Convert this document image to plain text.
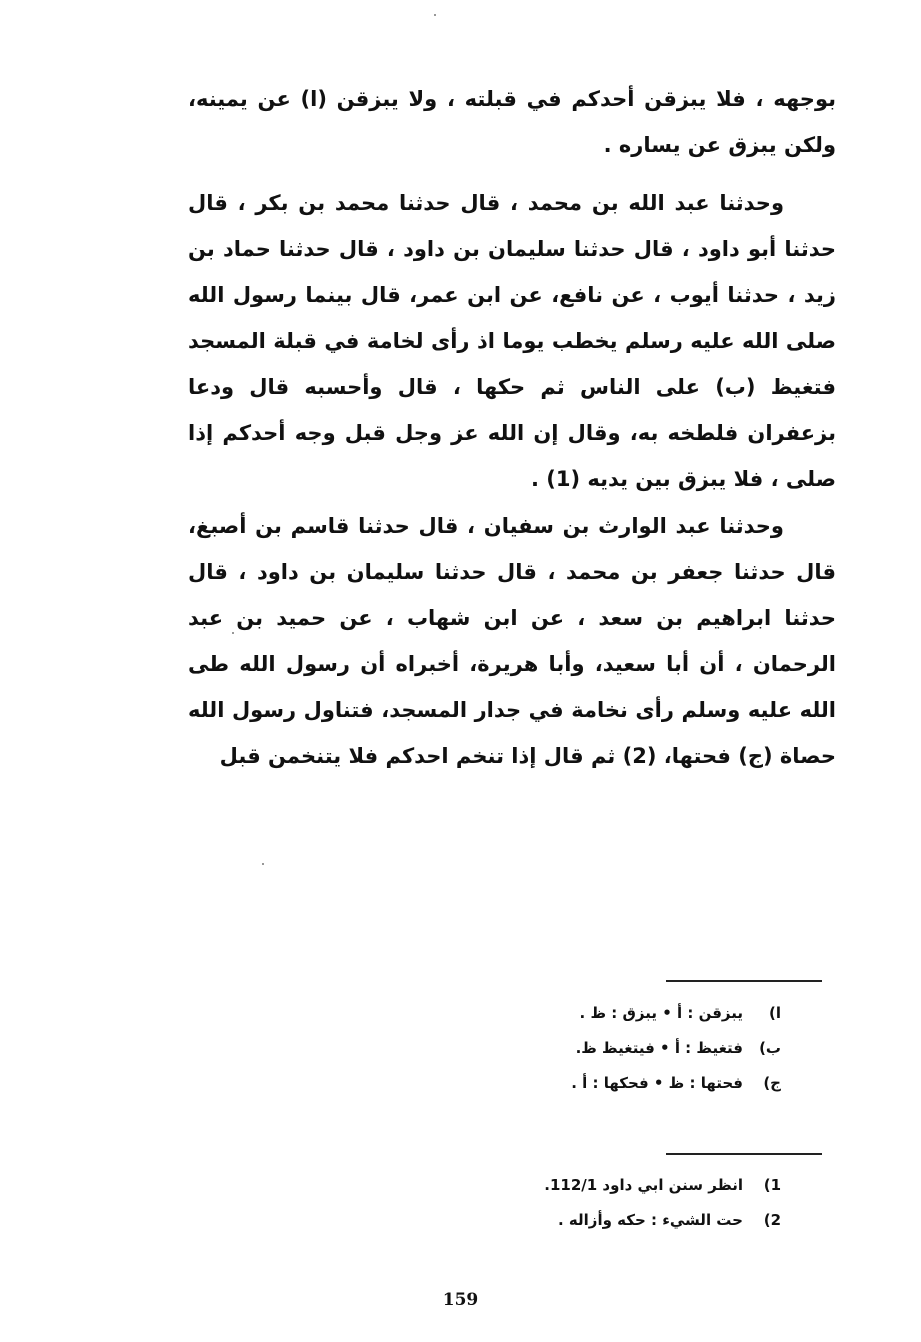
بوجهه ، فلا يبزقن أحدكم في قبلته ، ولا يبزقن (ا) عن يمينه، ولكن يبزق عن يساره .

وحدثنا عبد الله بن محمد ، قال حدثنا محمد بن بكر ، قال حدثنا أبو داود ، قال حدثنا سليمان بن داود ، قال حدثنا حماد بن زيد ، حدثنا أيوب ، عن نافع، عن ابن عمر، قال بينما رسول الله صلى الله عليه رسلم يخطب يوما اذ رأى لخامة في قبلة المسجد فتغيظ (ب) على الناس ثم حكها ، قال وأحسبه قال ودعا بزعفران فلطخه به، وقال إن الله عز وجل قبل وجه أحدكم إذا صلى ، فلا يبزق بين يديه (1) .

وحدثنا عبد الوارث بن سفيان ، قال حدثنا قاسم بن أصبغ، قال حدثنا جعفر بن محمد ، قال حدثنا سليمان بن داود ، قال حدثنا ابراهيم بن سعد ، عن ابن شهاب ، عن حميد بن عبد الرحمان ، أن أبا سعيد، وأبا هريرة، أخبراه أن رسول الله طى الله عليه وسلم رأى نخامة في جدار المسجد، فتناول رسول الله حصاة (ج) فحتها، (2) ثم قال إذا تنخم احدكم فلا يتنخمن قبل

ا)يبزقن : أ • يبزق : ظ .
ب)فتغيظ : أ • فيتغيظ ظ.
ج)فحتها : ظ • فحكها : أ .
1)انظر سنن ابي داود 112/1.
2)حت الشيء : حكه وأزاله .
159
